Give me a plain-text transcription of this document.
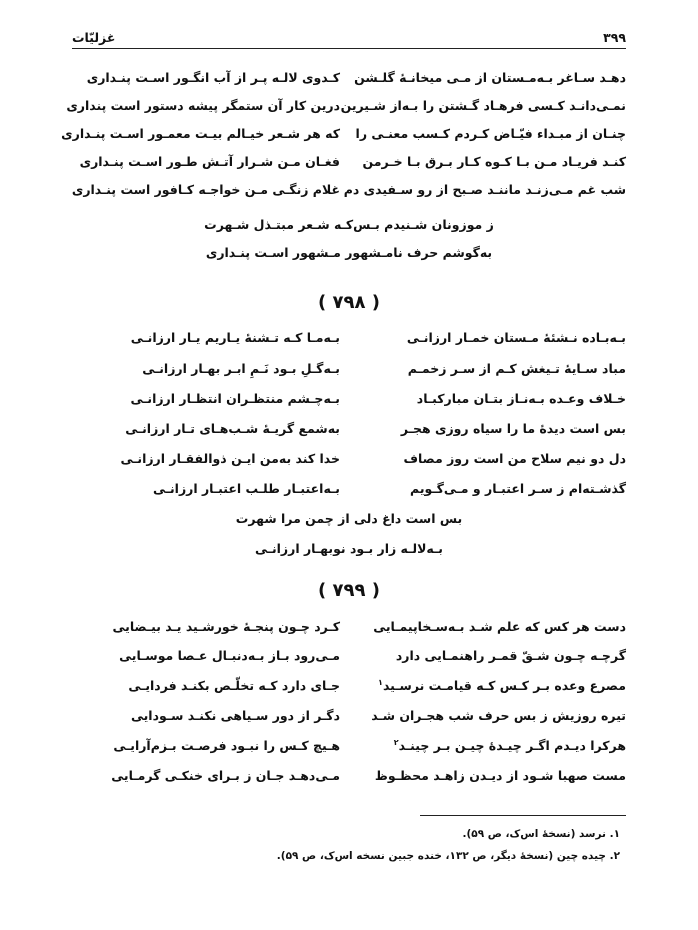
۳۹۹
غزلیّات
دهـد سـاغر بـه‌مـستان از مـی میخانـۀ گلـشن
کـدوی لالـه پـر از آب انگـور اسـت پنـداری
نمـی‌دانـد کـسی فرهـاد گـشتن را بـه‌از شـیرین
درین کار آن ستمگر پیشه دستور است پنداری
چنـان از مبـداء فیّـاض کـردم کـسب معنـی را
که هر شـعر خیـالم بیـت معمـور اسـت پنـداری
کنـد فریـاد مـن بـا کـوه کـار بـرق بـا خـرمن
فغـان مـن شـرار آتـش طـور اسـت پنـداری
شب غم مـی‌زنـد ماننـد صـبح از رو سـفیدی دم
غلام زنگـی مـن خواجـه کـافور است پنـداری
ز موزونان شـنیدم بـس‌کـه شـعر مبتـذل شـهرت
به‌گوشم حرف نامـشهور مـشهور اسـت پنـداری
( ۷۹۸ )
بـه‌بـاده نـشئۀ مـستان خمـار ارزانـی
بـه‌مـا کـه تـشنۀ یـاریم یـار ارزانـی
مباد سـایۀ تـیغش کـم از سـر زخمـم
بـه‌گـلِ بـود نَـمِ ابـر بهـار ارزانـی
خـلاف وعـده بـه‌نـاز بتـان مبارکبـاد
بـه‌چـشم منتظـران انتظـار ارزانـی
بس است دیدۀ ما را سیاه روزی هجـر
به‌شمع گریـۀ شـب‌هـای تـار ارزانـی
دل دو نیم سلاح من است روز مصاف
خدا کند به‌من ایـن ذوالفقـار ارزانـی
گذشـته‌ام ز سـر اعتبـار و مـی‌گـویم
بـه‌اعتبـار طلـب اعتبـار ارزانـی
بس است داغ دلی از چمن مرا شهرت
بـه‌لالـه زار بـود نوبهـار ارزانـی
( ۷۹۹ )
دست هر کس که علم شـد بـه‌سـخاپیمـایی
کـرد چـون پنجـۀ خورشـید یـد بیـضایی
گرچـه چـون شـقّ قمـر راهنمـایی دارد
مـی‌رود بـاز بـه‌دنبـال عـصا موسـایی
مصرع وعده بـر کـس کـه قیامـت نرسـید$^۱$
جـای دارد کـه تخلّـص بکنـد فردایـی
تیره روزیش ز بس حرف شب هجـران شـد
دگـر از دور سـیاهی نکنـد سـودایی
هرکرا دیـدم اگـر چیـدۀ چیـن بـر چینـد$^۲$
هـیچ کـس را نبـود فرصـت بـزم‌آرایـی
مست صهبا شـود از دیـدن زاهـد محظـوظ
مـی‌دهـد جـان ز بـرای خنکـی گرمـایی
۱. نرسد (نسخۀ اس‌ک، ص ۵۹).
۲. چیده چین (نسخۀ دیگر، ص ۱۳۲، خنده جبین نسخه اس‌ک، ص ۵۹).
